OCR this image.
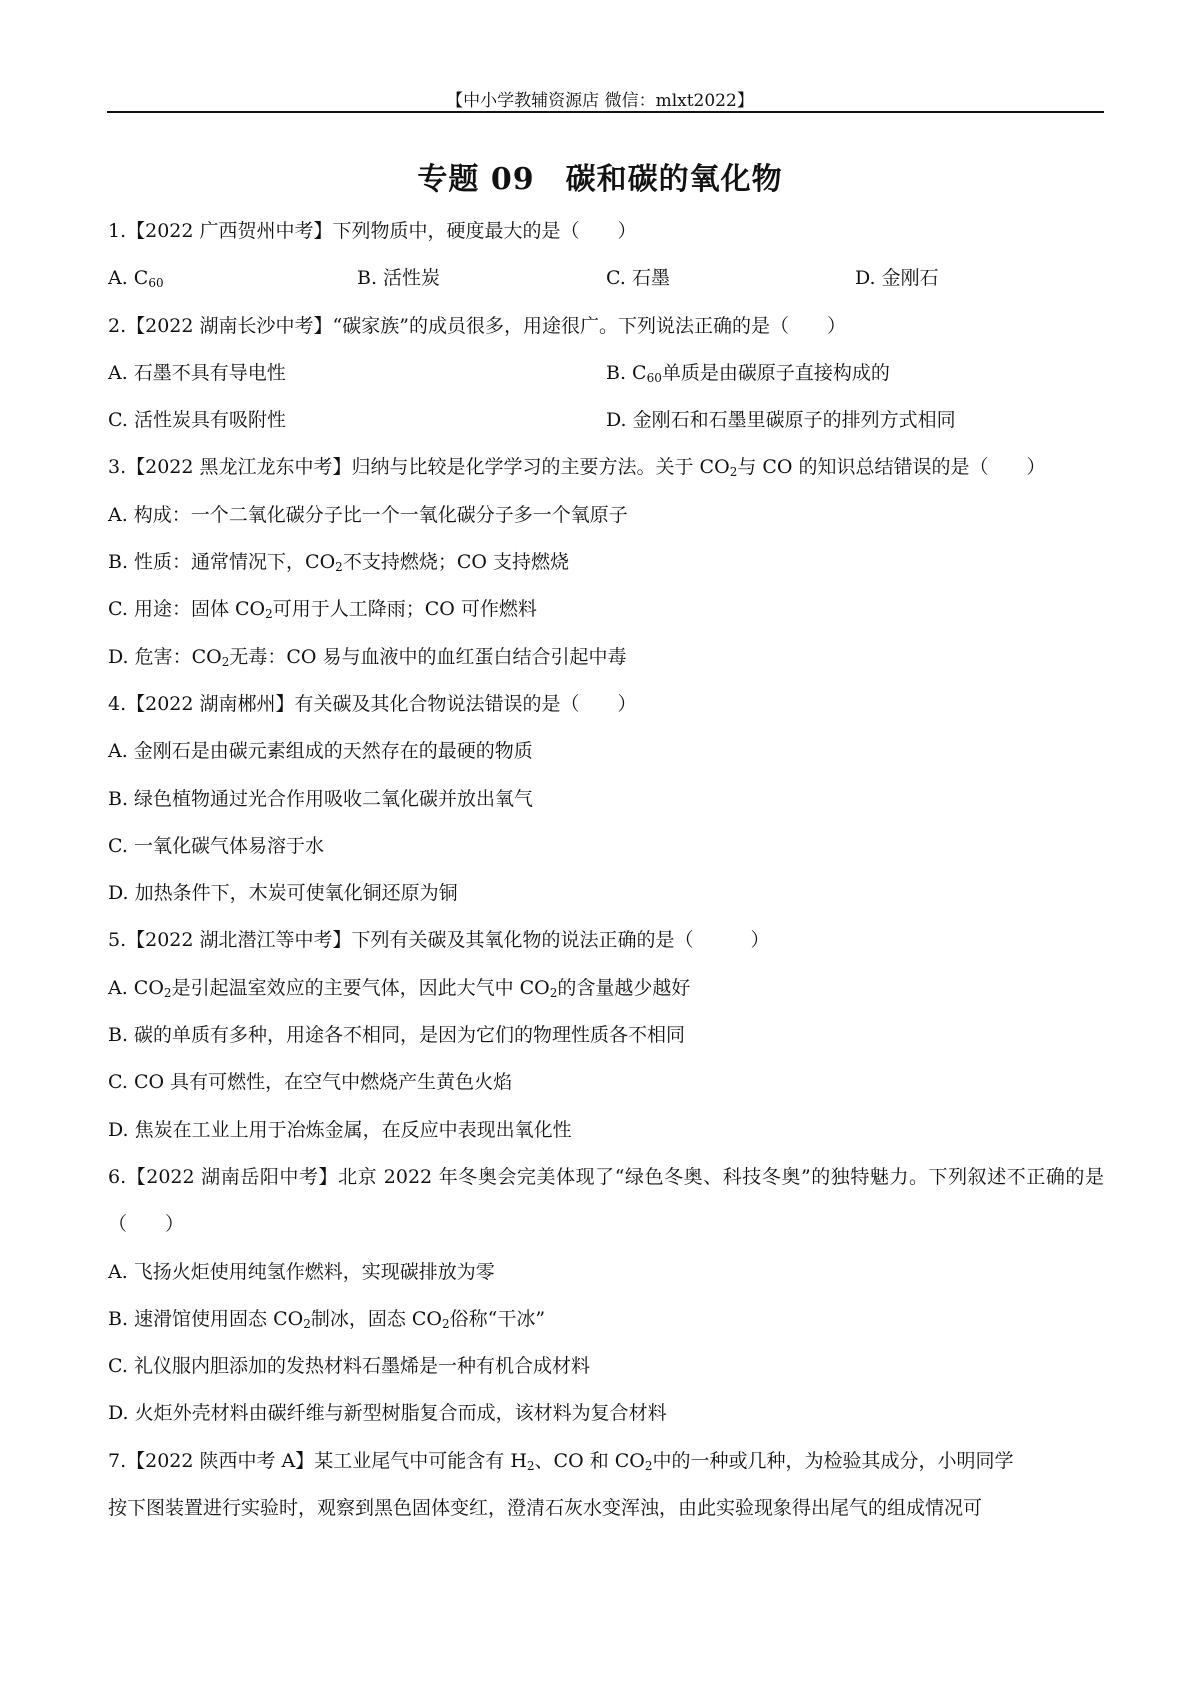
【中小学教辅资源店 微信：mlxt2022】
专题 09　碳和碳的氧化物
1.【2022 广西贺州中考】下列物质中，硬度最大的是（　　）
A. $C_{60}$	B. 活性炭	C. 石墨	D. 金刚石
2.【2022 湖南长沙中考】“碳家族”的成员很多，用途很广。下列说法正确的是（　　）
A. 石墨不具有导电性	B. $C_{60}$单质是由碳原子直接构成的
C. 活性炭具有吸附性	D. 金刚石和石墨里碳原子的排列方式相同
3.【2022 黑龙江龙东中考】归纳与比较是化学学习的主要方法。关于 $CO_2$与 CO 的知识总结错误的是（　　）
A. 构成：一个二氧化碳分子比一个一氧化碳分子多一个氧原子
B. 性质：通常情况下，$CO_2$不支持燃烧；CO 支持燃烧
C. 用途：固体 $CO_2$可用于人工降雨；CO 可作燃料
D. 危害：$CO_2$无毒：CO 易与血液中的血红蛋白结合引起中毒
4.【2022 湖南郴州】有关碳及其化合物说法错误的是（　　）
A. 金刚石是由碳元素组成的天然存在的最硬的物质
B. 绿色植物通过光合作用吸收二氧化碳并放出氧气
C. 一氧化碳气体易溶于水
D. 加热条件下，木炭可使氧化铜还原为铜
5.【2022 湖北潜江等中考】下列有关碳及其氧化物的说法正确的是（　　　）
A. $CO_2$是引起温室效应的主要气体，因此大气中 $CO_2$的含量越少越好
B. 碳的单质有多种，用途各不相同，是因为它们的物理性质各不相同
C. CO 具有可燃性，在空气中燃烧产生黄色火焰
D. 焦炭在工业上用于冶炼金属，在反应中表现出氧化性
6.【2022 湖南岳阳中考】北京 2022 年冬奥会完美体现了“绿色冬奥、科技冬奥”的独特魅力。下列叙述不正确的是（　　）
A. 飞扬火炬使用纯氢作燃料，实现碳排放为零
B. 速滑馆使用固态 $CO_2$制冰，固态 $CO_2$俗称“干冰”
C. 礼仪服内胆添加的发热材料石墨烯是一种有机合成材料
D. 火炬外壳材料由碳纤维与新型树脂复合而成，该材料为复合材料
7.【2022 陕西中考 A】某工业尾气中可能含有 $H_2$、CO 和 $CO_2$中的一种或几种，为检验其成分，小明同学
按下图装置进行实验时，观察到黑色固体变红，澄清石灰水变浑浊，由此实验现象得出尾气的组成情况可
